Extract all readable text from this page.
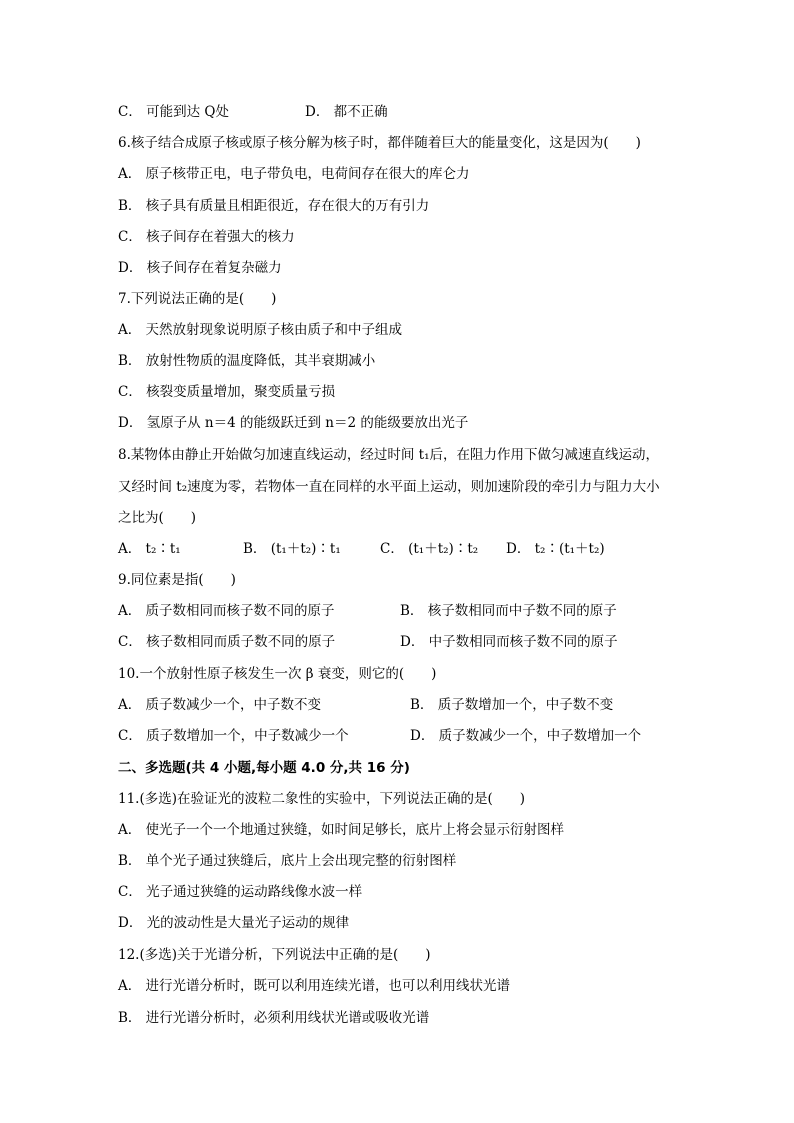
C． 可能到达 Q处	D． 都不正确
6.核子结合成原子核或原子核分解为核子时，都伴随着巨大的能量变化，这是因为(　　)
A． 原子核带正电，电子带负电，电荷间存在很大的库仑力
B． 核子具有质量且相距很近，存在很大的万有引力
C． 核子间存在着强大的核力
D． 核子间存在着复杂磁力
7.下列说法正确的是(　　)
A． 天然放射现象说明原子核由质子和中子组成
B． 放射性物质的温度降低，其半衰期减小
C． 核裂变质量增加，聚变质量亏损
D． 氢原子从 n＝4 的能级跃迁到 n＝2 的能级要放出光子
8.某物体由静止开始做匀加速直线运动，经过时间 t₁后，在阻力作用下做匀减速直线运动，
又经时间 t₂速度为零，若物体一直在同样的水平面上运动，则加速阶段的牵引力与阻力大小
之比为(　　)
A． t₂∶t₁	B． (t₁＋t₂)∶t₁	C． (t₁＋t₂)∶t₂ D． t₂∶(t₁＋t₂)
9.同位素是指(　　)
A． 质子数相同而核子数不同的原子	B． 核子数相同而中子数不同的原子
C． 核子数相同而质子数不同的原子	D． 中子数相同而核子数不同的原子
10.一个放射性原子核发生一次 β 衰变，则它的(　　)
A． 质子数减少一个，中子数不变	B． 质子数增加一个，中子数不变
C． 质子数增加一个，中子数减少一个	D． 质子数减少一个，中子数增加一个
二、多选题(共 4 小题,每小题 4.0 分,共 16 分)
11.(多选)在验证光的波粒二象性的实验中，下列说法正确的是(　　)
A． 使光子一个一个地通过狭缝，如时间足够长，底片上将会显示衍射图样
B． 单个光子通过狭缝后，底片上会出现完整的衍射图样
C． 光子通过狭缝的运动路线像水波一样
D． 光的波动性是大量光子运动的规律
12.(多选)关于光谱分析，下列说法中正确的是(　　)
A． 进行光谱分析时，既可以利用连续光谱，也可以利用线状光谱
B． 进行光谱分析时，必须利用线状光谱或吸收光谱
